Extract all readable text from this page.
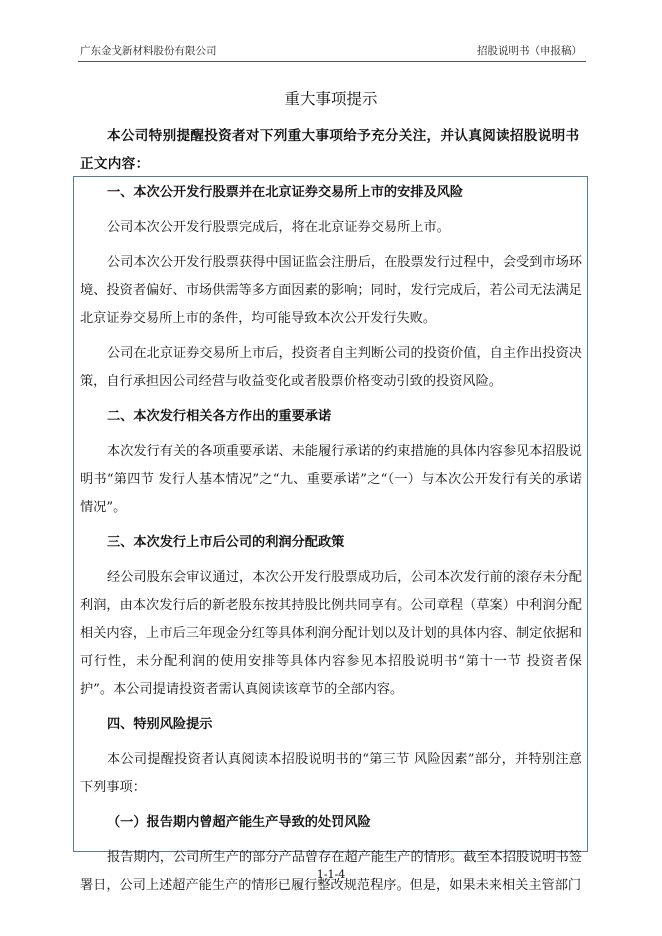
广东金戈新材料股份有限公司	招股说明书（申报稿）
重大事项提示
本公司特别提醒投资者对下列重大事项给予充分关注，并认真阅读招股说明书正文内容：
一、本次公开发行股票并在北京证券交易所上市的安排及风险
公司本次公开发行股票完成后，将在北京证券交易所上市。
公司本次公开发行股票获得中国证监会注册后，在股票发行过程中，会受到市场环境、投资者偏好、市场供需等多方面因素的影响；同时，发行完成后，若公司无法满足北京证券交易所上市的条件，均可能导致本次公开发行失败。
公司在北京证券交易所上市后，投资者自主判断公司的投资价值，自主作出投资决策，自行承担因公司经营与收益变化或者股票价格变动引致的投资风险。
二、本次发行相关各方作出的重要承诺
本次发行有关的各项重要承诺、未能履行承诺的约束措施的具体内容参见本招股说明书“第四节 发行人基本情况”之“九、重要承诺”之“（一）与本次公开发行有关的承诺情况”。
三、本次发行上市后公司的利润分配政策
经公司股东会审议通过，本次公开发行股票成功后，公司本次发行前的滚存未分配利润，由本次发行后的新老股东按其持股比例共同享有。公司章程（草案）中利润分配相关内容，上市后三年现金分红等具体利润分配计划以及计划的具体内容、制定依据和可行性，未分配利润的使用安排等具体内容参见本招股说明书“第十一节 投资者保护”。本公司提请投资者需认真阅读该章节的全部内容。
四、特别风险提示
本公司提醒投资者认真阅读本招股说明书的“第三节 风险因素”部分，并特别注意下列事项：
（一）报告期内曾超产能生产导致的处罚风险
报告期内，公司所生产的部分产品曾存在超产能生产的情形。截至本招股说明书签署日，公司上述超产能生产的情形已履行整改规范程序。但是，如果未来相关主管部门
1-1-4
